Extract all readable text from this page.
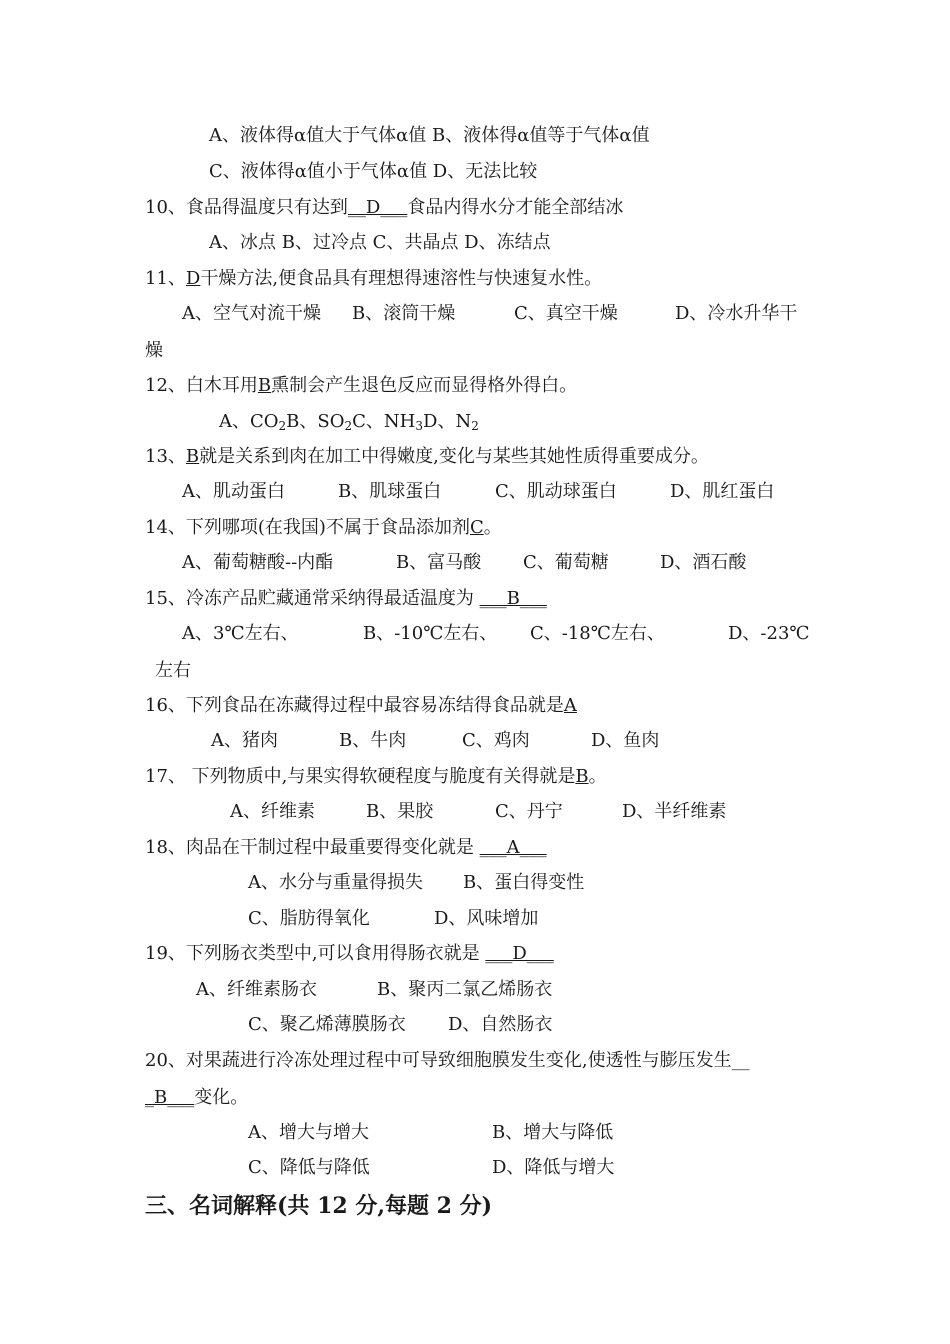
A、液体得α值大于气体α值 B、液体得α值等于气体α值
C、液体得α值小于气体α值 D、无法比较
10、食品得温度只有达到__D___食品内得水分才能全部结冰
A、冰点 B、过冷点 C、共晶点 D、冻结点
11、D干燥方法,便食品具有理想得速溶性与快速复水性。
A、空气对流干燥 B、滚筒干燥	C、真空干燥	D、冷水升华干
燥
12、白木耳用B熏制会产生退色反应而显得格外得白。
A、$CO_2B$、$SO_2C$、$NH_3D$、$N_2$
13、B就是关系到肉在加工中得嫩度,变化与某些其她性质得重要成分。
A、肌动蛋白	B、肌球蛋白	C、肌动球蛋白	D、肌红蛋白
14、下列哪项(在我国)不属于食品添加剂C。
A、葡萄糖酸--内酯	B、富马酸 C、葡萄糖	D、酒石酸
15、冷冻产品贮藏通常采纳得最适温度为 ___B___
A、3℃左右、	B、-10℃左右、 C、-18℃左右、	D、-23℃
左右
16、下列食品在冻藏得过程中最容易冻结得食品就是A
A、猪肉	B、牛肉	C、鸡肉	D、鱼肉
17、 下列物质中,与果实得软硬程度与脆度有关得就是B。
A、纤维素	B、果胶	C、丹宁	D、半纤维素
18、肉品在干制过程中最重要得变化就是 ___A___
A、水分与重量得损失 B、蛋白得变性
C、脂肪得氧化	D、风味增加
19、下列肠衣类型中,可以食用得肠衣就是 ___D___
A、纤维素肠衣	B、聚丙二氯乙烯肠衣
C、聚乙烯薄膜肠衣 D、自然肠衣
20、对果蔬进行冷冻处理过程中可导致细胞膜发生变化,使透性与膨压发生__
_B___变化。
A、增大与增大	B、增大与降低
C、降低与降低	D、降低与增大
三、名词解释(共 12 分,每题 2 分)
